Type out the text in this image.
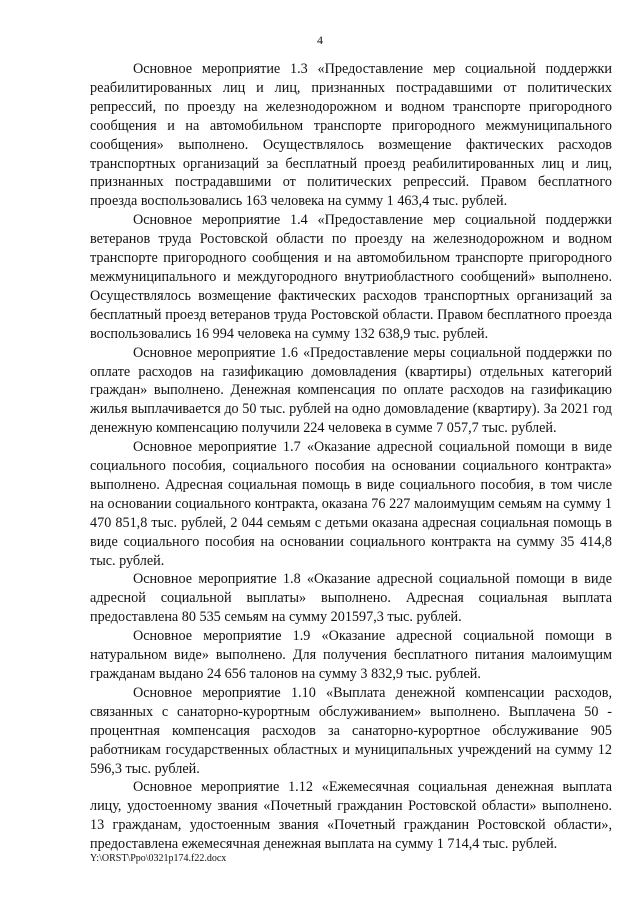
4

Основное мероприятие 1.3 «Предоставление мер социальной поддержки реабилитированных лиц и лиц, признанных пострадавшими от политических репрессий, по проезду на железнодорожном и водном транспорте пригородного сообщения и на автомобильном транспорте пригородного межмуниципального сообщения» выполнено. Осуществлялось возмещение фактических расходов транспортных организаций за бесплатный проезд реабилитированных лиц и лиц, признанных пострадавшими от политических репрессий. Правом бесплатного проезда воспользовались 163 человека на сумму 1 463,4 тыс. рублей.

Основное мероприятие 1.4 «Предоставление мер социальной поддержки ветеранов труда Ростовской области по проезду на железнодорожном и водном транспорте пригородного сообщения и на автомобильном транспорте пригородного межмуниципального и междугородного внутриобластного сообщений» выполнено. Осуществлялось возмещение фактических расходов транспортных организаций за бесплатный проезд ветеранов труда Ростовской области. Правом бесплатного проезда воспользовались 16 994 человека на сумму 132 638,9 тыс. рублей.

Основное мероприятие 1.6 «Предоставление меры социальной поддержки по оплате расходов на газификацию домовладения (квартиры) отдельных категорий граждан» выполнено. Денежная компенсация по оплате расходов на газификацию жилья выплачивается до 50 тыс. рублей на одно домовладение (квартиру). За 2021 год денежную компенсацию получили 224 человека в сумме 7 057,7 тыс. рублей.

Основное мероприятие 1.7 «Оказание адресной социальной помощи в виде социального пособия, социального пособия на основании социального контракта» выполнено. Адресная социальная помощь в виде социального пособия, в том числе на основании социального контракта, оказана 76 227 малоимущим семьям на сумму 1 470 851,8 тыс. рублей, 2 044 семьям с детьми оказана адресная социальная помощь в виде социального пособия на основании социального контракта на сумму 35 414,8 тыс. рублей.

Основное мероприятие 1.8 «Оказание адресной социальной помощи в виде адресной социальной выплаты» выполнено. Адресная социальная выплата предоставлена 80 535 семьям на сумму 201597,3 тыс. рублей.

Основное мероприятие 1.9 «Оказание адресной социальной помощи в натуральном виде» выполнено. Для получения бесплатного питания малоимущим гражданам выдано 24 656 талонов на сумму 3 832,9 тыс. рублей.

Основное мероприятие 1.10 «Выплата денежной компенсации расходов, связанных с санаторно-курортным обслуживанием» выполнено. Выплачена 50 - процентная компенсация расходов за санаторно-курортное обслуживание 905 работникам государственных областных и муниципальных учреждений на сумму 12 596,3 тыс. рублей.

Основное мероприятие 1.12 «Ежемесячная социальная денежная выплата лицу, удостоенному звания «Почетный гражданин Ростовской области» выполнено. 13 гражданам, удостоенным звания «Почетный гражданин Ростовской области», предоставлена ежемесячная денежная выплата на сумму 1 714,4 тыс. рублей.

Y:\ORST\Ppo\0321p174.f22.docx
